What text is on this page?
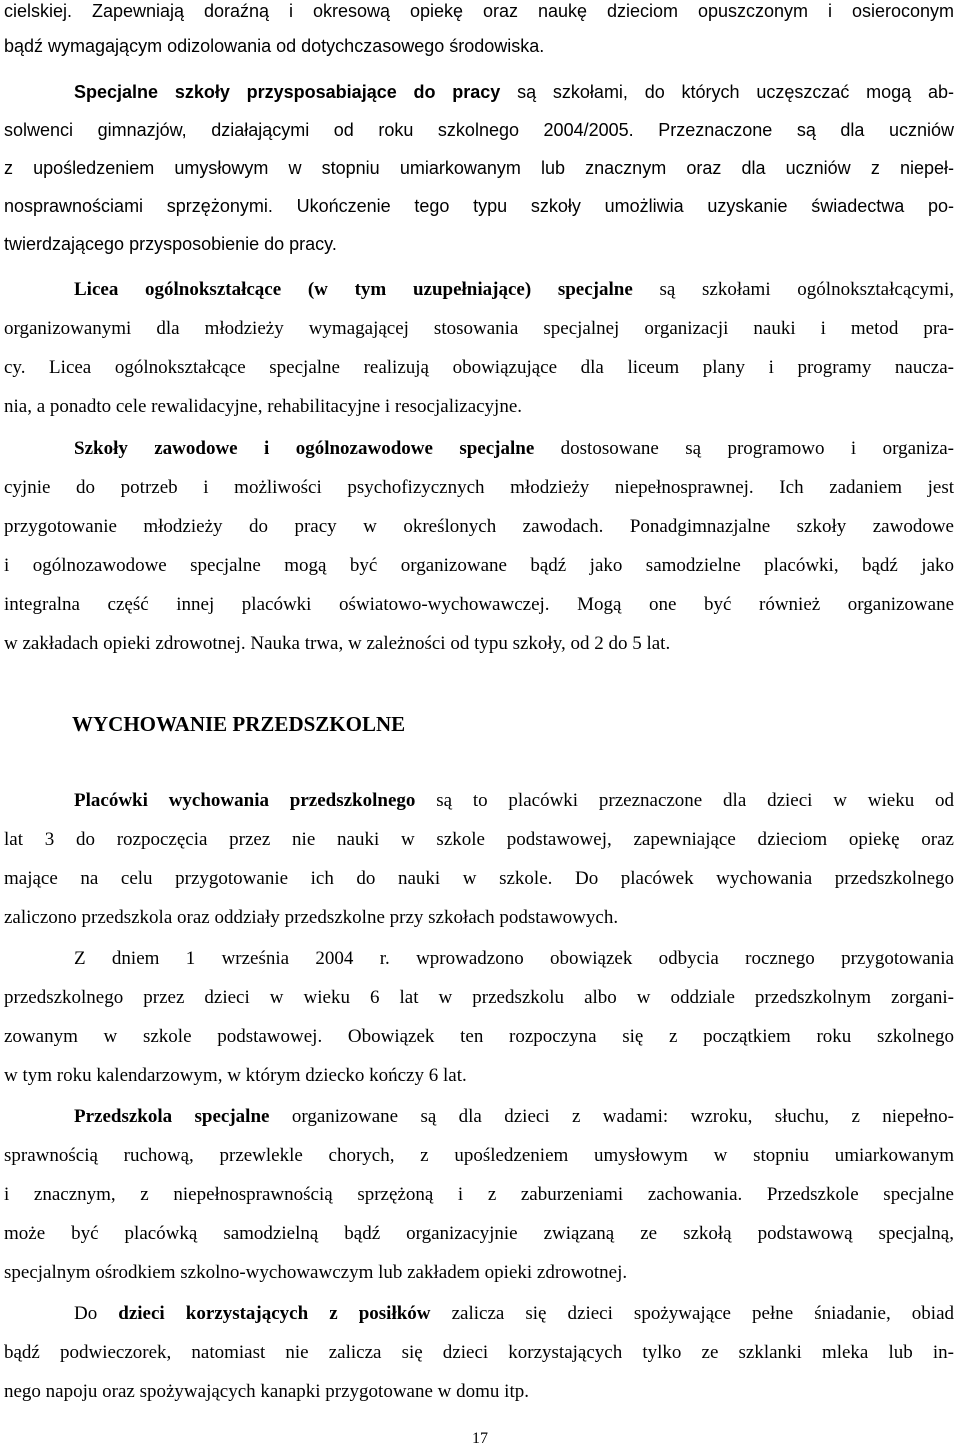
cielskiej. Zapewniają doraźną i okresową opiekę oraz naukę dzieciom opuszczonym i osieroconym
bądź wymagającym odizolowania od dotychczasowego środowiska.
Specjalne szkoły przysposabiające do pracy są szkołami, do których uczęszczać mogą ab-
solwenci gimnazjów, działającymi od roku szkolnego 2004/2005. Przeznaczone są dla uczniów
z upośledzeniem umysłowym w stopniu umiarkowanym lub znacznym oraz dla uczniów z niepeł-
nosprawnościami sprzężonymi. Ukończenie tego typu szkoły umożliwia uzyskanie świadectwa po-
twierdzającego przysposobienie do pracy.
Licea ogólnokształcące (w tym uzupełniające) specjalne są szkołami ogólnokształcącymi,
organizowanymi dla młodzieży wymagającej stosowania specjalnej organizacji nauki i metod pra-
cy. Licea ogólnokształcące specjalne realizują obowiązujące dla liceum plany i programy naucza-
nia, a ponadto cele rewalidacyjne, rehabilitacyjne i resocjalizacyjne.
Szkoły zawodowe i ogólnozawodowe specjalne dostosowane są programowo i organiza-
cyjnie do potrzeb i możliwości psychofizycznych młodzieży niepełnosprawnej. Ich zadaniem jest
przygotowanie młodzieży do pracy w określonych zawodach. Ponadgimnazjalne szkoły zawodowe
i ogólnozawodowe specjalne mogą być organizowane bądź jako samodzielne placówki, bądź jako
integralna część innej placówki oświatowo-wychowawczej. Mogą one być również organizowane
w zakładach opieki zdrowotnej. Nauka trwa, w zależności od typu szkoły, od 2 do 5 lat.
WYCHOWANIE PRZEDSZKOLNE
Placówki wychowania przedszkolnego są to placówki przeznaczone dla dzieci w wieku od
lat 3 do rozpoczęcia przez nie nauki w szkole podstawowej, zapewniające dzieciom opiekę oraz
mające na celu przygotowanie ich do nauki w szkole. Do placówek wychowania przedszkolnego
zaliczono przedszkola oraz oddziały przedszkolne przy szkołach podstawowych.
Z dniem 1 września 2004 r. wprowadzono obowiązek odbycia rocznego przygotowania
przedszkolnego przez dzieci w wieku 6 lat w przedszkolu albo w oddziale przedszkolnym zorgani-
zowanym w szkole podstawowej. Obowiązek ten rozpoczyna się z początkiem roku szkolnego
w tym roku kalendarzowym, w którym dziecko kończy 6 lat.
Przedszkola specjalne organizowane są dla dzieci z wadami: wzroku, słuchu, z niepełno-
sprawnością ruchową, przewlekle chorych, z upośledzeniem umysłowym w stopniu umiarkowanym
i znacznym, z niepełnosprawnością sprzężoną i z zaburzeniami zachowania. Przedszkole specjalne
może być placówką samodzielną bądź organizacyjnie związaną ze szkołą podstawową specjalną,
specjalnym ośrodkiem szkolno-wychowawczym lub zakładem opieki zdrowotnej.
Do dzieci korzystających z posiłków zalicza się dzieci spożywające pełne śniadanie, obiad
bądź podwieczorek, natomiast nie zalicza się dzieci korzystających tylko ze szklanki mleka lub in-
nego napoju oraz spożywających kanapki przygotowane w domu itp.
17
